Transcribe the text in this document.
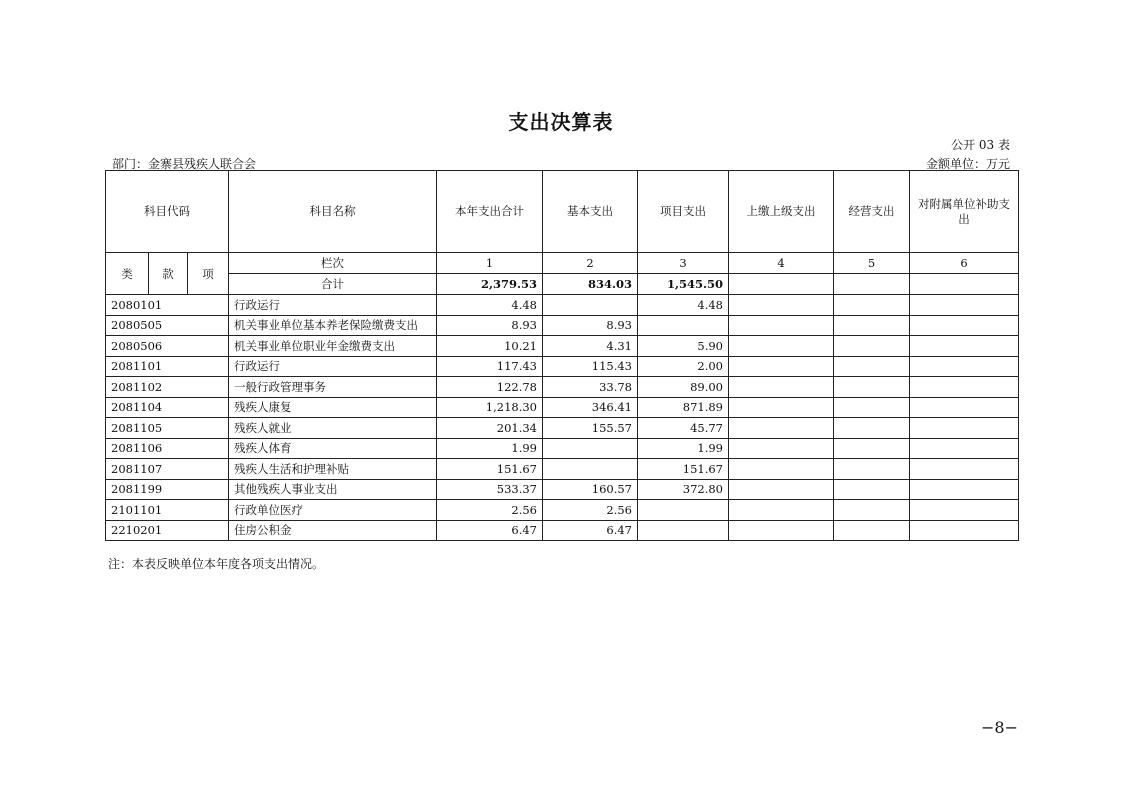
支出决算表
公开 03 表
部门：金寨县残疾人联合会	金额单位：万元
科目代码			科目名称	本年支出合计	基本支出	项目支出	上缴上级支出	经营支出	对附属单位补助支出
类	款	项	栏次	1	2	3	4	5	6
			合计	2,379.53	834.03	1,545.50			
2080101			行政运行	4.48		4.48			
2080505			机关事业单位基本养老保险缴费支出	8.93	8.93				
2080506			机关事业单位职业年金缴费支出	10.21	4.31	5.90			
2081101			行政运行	117.43	115.43	2.00			
2081102			一般行政管理事务	122.78	33.78	89.00			
2081104			残疾人康复	1,218.30	346.41	871.89			
2081105			残疾人就业	201.34	155.57	45.77			
2081106			残疾人体育	1.99		1.99			
2081107			残疾人生活和护理补贴	151.67		151.67			
2081199			其他残疾人事业支出	533.37	160.57	372.80			
2101101			行政单位医疗	2.56	2.56				
2210201			住房公积金	6.47	6.47				
注：本表反映单位本年度各项支出情况。
−8−
